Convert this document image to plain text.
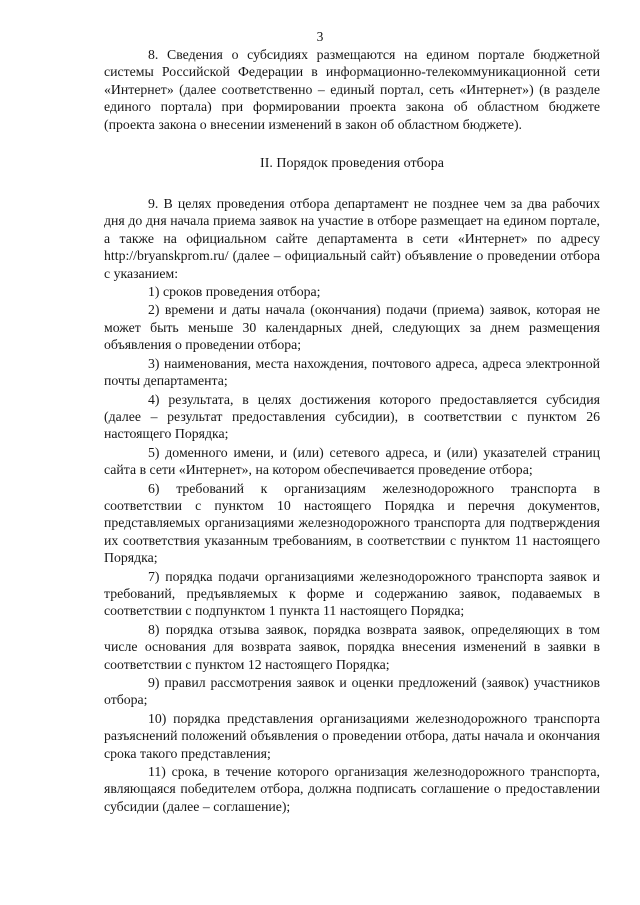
3

8. Сведения о субсидиях размещаются на едином портале бюджетной системы Российской Федерации в информационно-телекоммуникационной сети «Интернет» (далее соответственно – единый портал, сеть «Интернет») (в разделе единого портала) при формировании проекта закона об областном бюджете (проекта закона о внесении изменений в закон об областном бюджете).

II. Порядок проведения отбора

9. В целях проведения отбора департамент не позднее чем за два рабочих дня до дня начала приема заявок на участие в отборе размещает на едином портале, а также на официальном сайте департамента в сети «Интернет» по адресу http://bryanskprom.ru/ (далее – официальный сайт) объявление о проведении отбора с указанием:

1) сроков проведения отбора;

2) времени и даты начала (окончания) подачи (приема) заявок, которая не может быть меньше 30 календарных дней, следующих за днем размещения объявления о проведении отбора;

3) наименования, места нахождения, почтового адреса, адреса электронной почты департамента;

4) результата, в целях достижения которого предоставляется субсидия (далее – результат предоставления субсидии), в соответствии с пунктом 26 настоящего Порядка;

5) доменного имени, и (или) сетевого адреса, и (или) указателей страниц сайта в сети «Интернет», на котором обеспечивается проведение отбора;

6) требований к организациям железнодорожного транспорта в соответствии с пунктом 10 настоящего Порядка и перечня документов, представляемых организациями железнодорожного транспорта для подтверждения их соответствия указанным требованиям, в соответствии с пунктом 11 настоящего Порядка;

7) порядка подачи организациями железнодорожного транспорта заявок и требований, предъявляемых к форме и содержанию заявок, подаваемых в соответствии с подпунктом 1 пункта 11 настоящего Порядка;

8) порядка отзыва заявок, порядка возврата заявок, определяющих в том числе основания для возврата заявок, порядка внесения изменений в заявки в соответствии с пунктом 12 настоящего Порядка;

9) правил рассмотрения заявок и оценки предложений (заявок) участников отбора;

10) порядка представления организациями железнодорожного транспорта разъяснений положений объявления о проведении отбора, даты начала и окончания срока такого представления;

11) срока, в течение которого организация железнодорожного транспорта, являющаяся победителем отбора, должна подписать соглашение о предоставлении субсидии (далее – соглашение);
